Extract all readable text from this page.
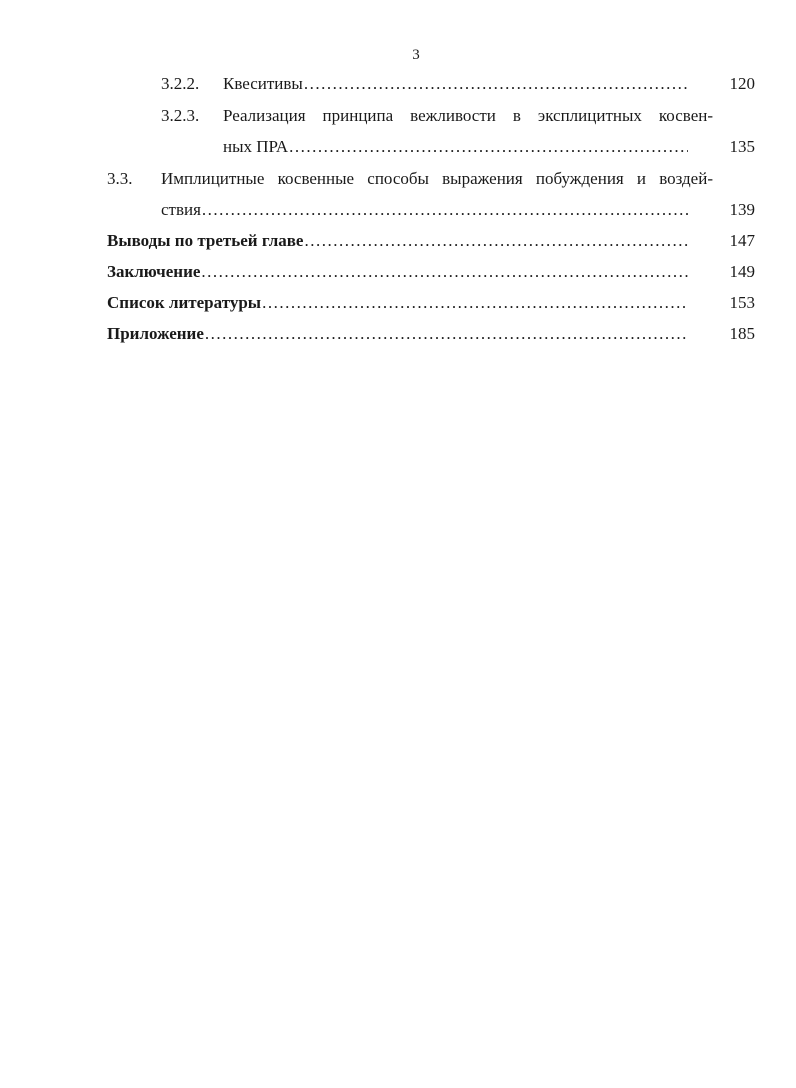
3
3.2.2. Квеситивы .....	120
3.2.3. Реализация принципа вежливости в эксплицитных косвен-
ных ПРА .....	135
3.3. Имплицитные косвенные способы выражения побуждения и воздей-
ствия .....	139
Выводы по третьей главе .....	147
Заключение .....	149
Список литературы .....	153
Приложение .....	185
